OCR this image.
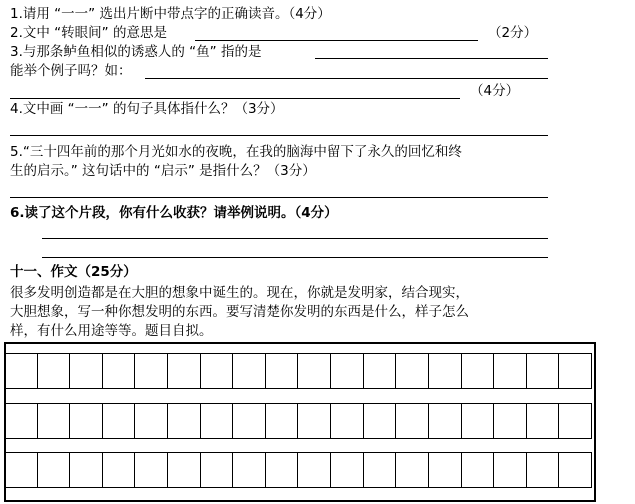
1.请用 “一一” 选出片断中带点字的正确读音。（4分）
2.文中 “转眼间” 的意思是	（2分）
3.与那条鲈鱼相似的诱惑人的 “鱼” 指的是
能举个例子吗？如：
（4分）
4.文中画 “一一” 的句子具体指什么？（3分）
5.“三十四年前的那个月光如水的夜晚，在我的脑海中留下了永久的回忆和终
生的启示。” 这句话中的 “启示” 是指什么？（3分）
6.读了这个片段，你有什么收获？请举例说明。（4分）
十一、作文（25分）
很多发明创造都是在大胆的想象中诞生的。现在，你就是发明家，结合现实，
大胆想象，写一种你想发明的东西。要写清楚你发明的东西是什么，样子怎么
样，有什么用途等等。题目自拟。
